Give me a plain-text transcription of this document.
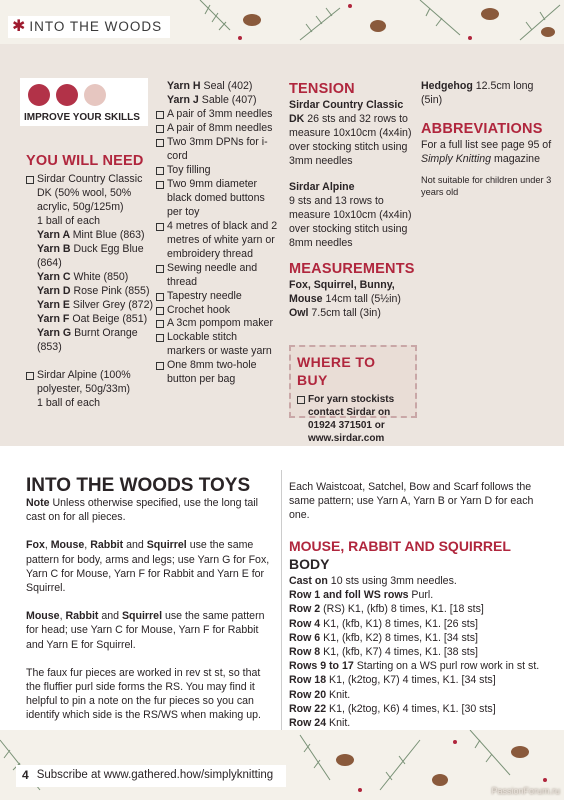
✱ INTO THE WOODS
IMPROVE YOUR SKILLS
YOU WILL NEED
Sirdar Country Classic DK (50% wool, 50% acrylic, 50g/125m)
1 ball of each
Yarn A Mint Blue (863)
Yarn B Duck Egg Blue (864)
Yarn C White (850)
Yarn D Rose Pink (855)
Yarn E Silver Grey (872)
Yarn F Oat Beige (851)
Yarn G Burnt Orange (853)
Sirdar Alpine (100% polyester, 50g/33m)
1 ball of each
Yarn H Seal (402)
Yarn J Sable (407)
A pair of 3mm needles
A pair of 8mm needles
Two 3mm DPNs for i-cord
Toy filling
Two 9mm diameter black domed buttons per toy
4 metres of black and 2 metres of white yarn or embroidery thread
Sewing needle and thread
Tapestry needle
Crochet hook
A 3cm pompom maker
Lockable stitch markers or waste yarn
One 8mm two-hole button per bag
TENSION
Sirdar Country Classic DK 26 sts and 32 rows to measure 10x10cm (4x4in) over stocking stitch using 3mm needles
Sirdar Alpine
9 sts and 13 rows to measure 10x10cm (4x4in) over stocking stitch using 8mm needles
MEASUREMENTS
Fox, Squirrel, Bunny, Mouse 14cm tall (5½in)
Owl 7.5cm tall (3in)
WHERE TO BUY
For yarn stockists contact Sirdar on 01924 371501 or www.sirdar.com
Hedgehog 12.5cm long (5in)
ABBREVIATIONS
For a full list see page 95 of Simply Knitting magazine
Not suitable for children under 3 years old
INTO THE WOODS TOYS
Note Unless otherwise specified, use the long tail cast on for all pieces.
Fox, Mouse, Rabbit and Squirrel use the same pattern for body, arms and legs; use Yarn G for Fox, Yarn C for Mouse, Yarn F for Rabbit and Yarn E for Squirrel.
Mouse, Rabbit and Squirrel use the same pattern for head; use Yarn C for Mouse, Yarn F for Rabbit and Yarn E for Squirrel.
The faux fur pieces are worked in rev st st, so that the fluffier purl side forms the RS. You may find it helpful to pin a note on the fur pieces so you can identify which side is the RS/WS when making up.
Each Waistcoat, Satchel, Bow and Scarf follows the same pattern; use Yarn A, Yarn B or Yarn D for each one.
MOUSE, RABBIT AND SQUIRREL
BODY
Cast on 10 sts using 3mm needles.
Row 1 and foll WS rows Purl.
Row 2 (RS) K1, (kfb) 8 times, K1. [18 sts]
Row 4 K1, (kfb, K1) 8 times, K1. [26 sts]
Row 6 K1, (kfb, K2) 8 times, K1. [34 sts]
Row 8 K1, (kfb, K7) 4 times, K1. [38 sts]
Rows 9 to 17 Starting on a WS purl row work in st st.
Row 18 K1, (k2tog, K7) 4 times, K1. [34 sts]
Row 20 Knit.
Row 22 K1, (k2tog, K6) 4 times, K1. [30 sts]
Row 24 Knit.
4 Subscribe at www.gathered.how/simplyknitting
PassionForum.ru
